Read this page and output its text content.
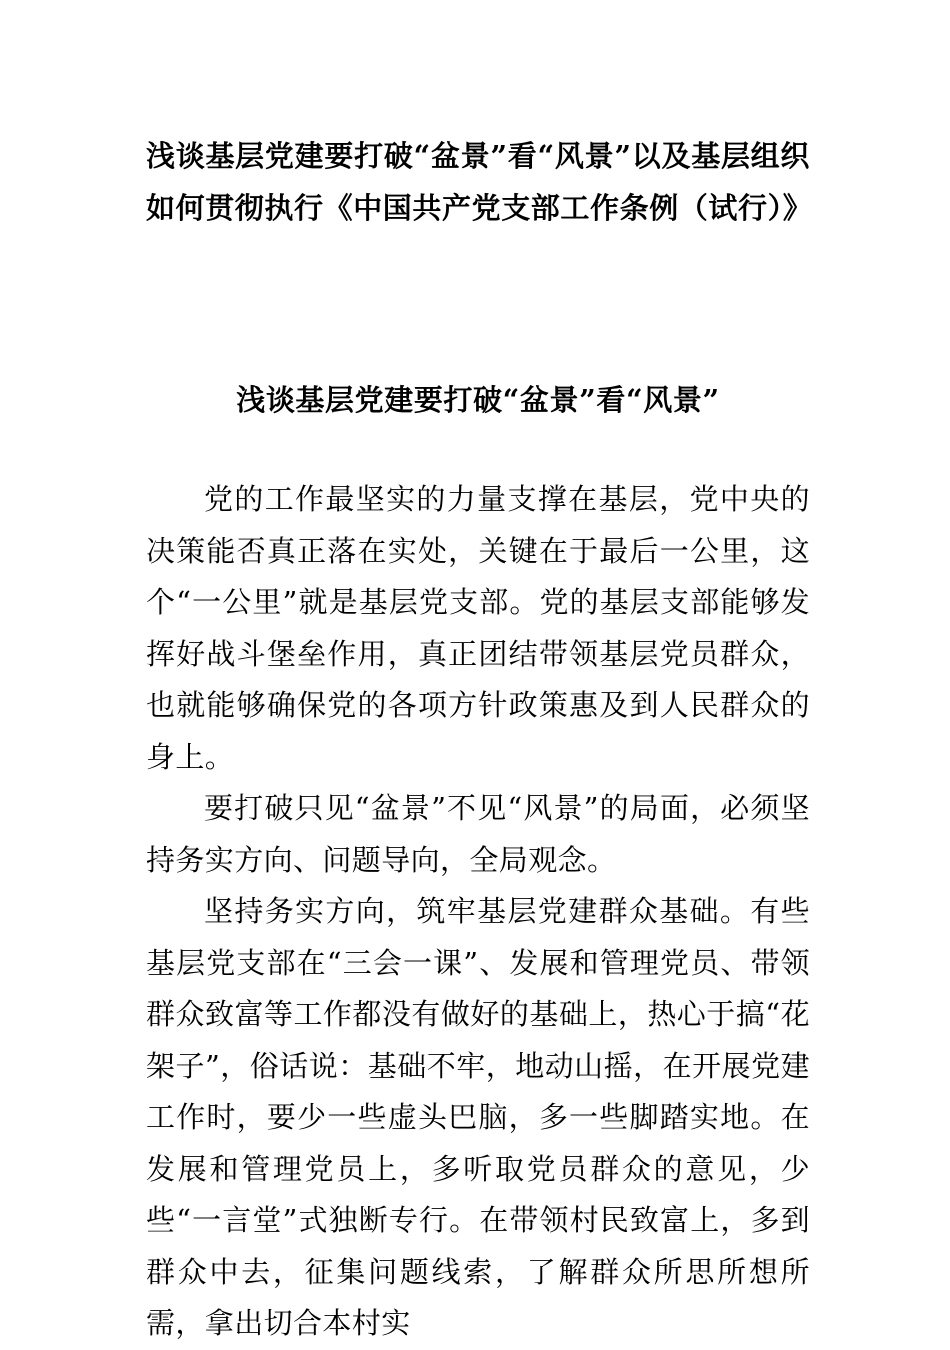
浅谈基层党建要打破“盆景”看“风景”以及基层组织如何贯彻执行《中国共产党支部工作条例（试行）》
浅谈基层党建要打破“盆景”看“风景”

党的工作最坚实的力量支撑在基层，党中央的决策能否真正落在实处，关键在于最后一公里，这个“一公里”就是基层党支部。党的基层支部能够发挥好战斗堡垒作用，真正团结带领基层党员群众，也就能够确保党的各项方针政策惠及到人民群众的身上。

要打破只见“盆景”不见“风景”的局面，必须坚持务实方向、问题导向，全局观念。

坚持务实方向，筑牢基层党建群众基础。有些基层党支部在“三会一课”、发展和管理党员、带领群众致富等工作都没有做好的基础上，热心于搞“花架子”，俗话说：基础不牢，地动山摇，在开展党建工作时，要少一些虚头巴脑，多一些脚踏实地。在发展和管理党员上，多听取党员群众的意见，少些“一言堂”式独断专行。在带领村民致富上，多到群众中去，征集问题线索，了解群众所思所想所需，拿出切合本村实
